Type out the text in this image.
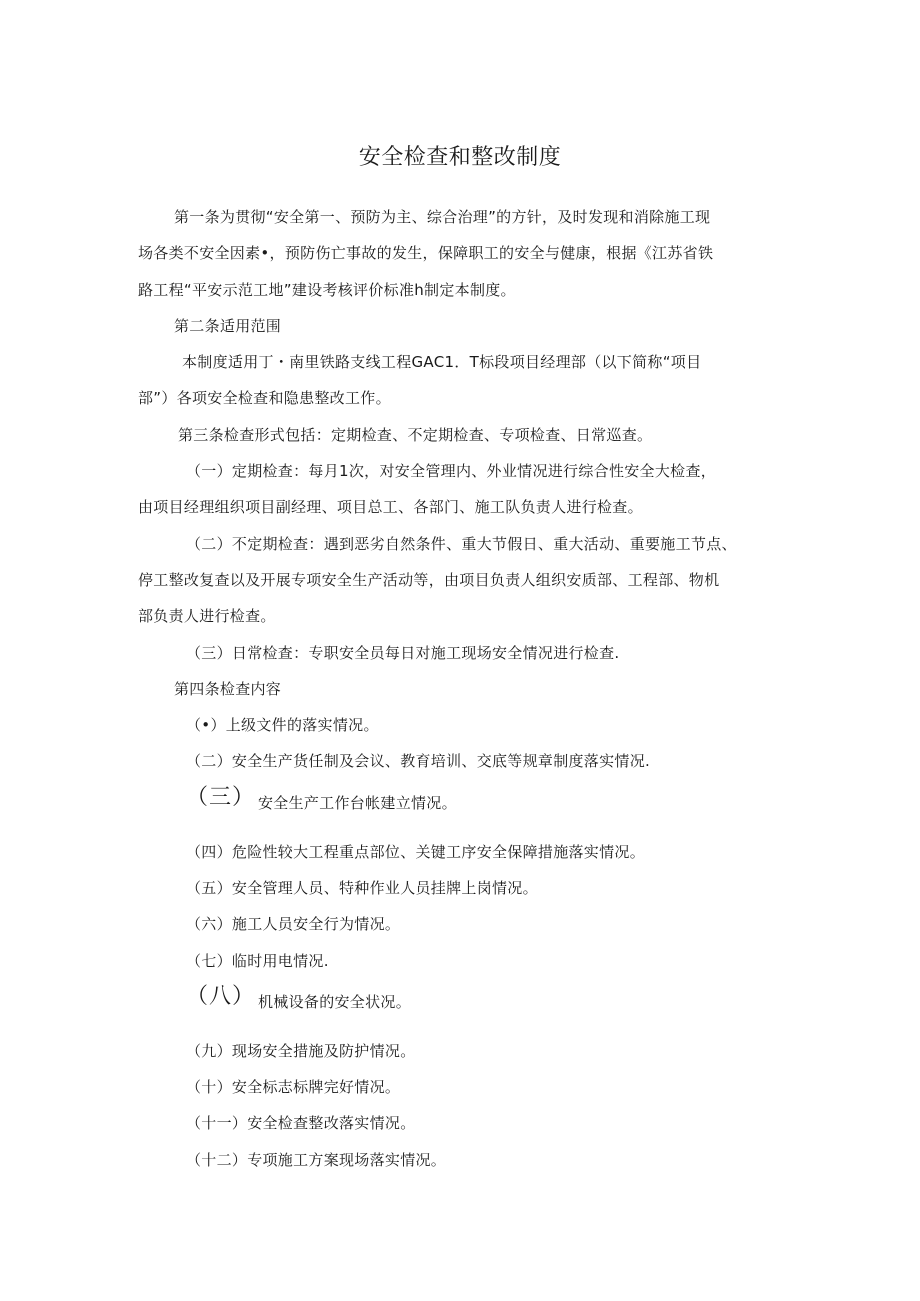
安全检查和整改制度
第一条为贯彻“安全第一、预防为主、综合治理”的方针，及时发现和消除施工现
场各类不安全因素•，预防伤亡事故的发生，保障职工的安全与健康，根据《江苏省铁
路工程“平安示范工地”建设考核评价标准h制定本制度。
第二条适用范围
本制度适用丁・南里铁路支线工程GAC1．T标段项目经理部（以下简称“项目
部”）各项安全检查和隐患整改工作。
第三条检查形式包括：定期检查、不定期检查、专项检查、日常巡查。
（一）定期检查：每月1次，对安全管理内、外业情况进行综合性安全大检查，
由项目经理组织项目副经理、项目总工、各部门、施工队负责人进行检查。
（二）不定期检查：遇到恶劣自然条件、重大节假日、重大活动、重要施工节点、
停工整改复查以及开展专项安全生产活动等，由项目负责人组织安质部、工程部、物机
部负责人进行检查。
（三）日常检查：专职安全员每日对施工现场安全情况进行检查.
第四条检查内容
（•）上级文件的落实情况。
（二）安全生产货任制及会议、教育培训、交底等规章制度落实情况.
（三） 安全生产工作台帐建立情况。
（四）危险性较大工程重点部位、关键工序安全保障措施落实情况。
（五）安全管理人员、特种作业人员挂牌上岗情况。
（六）施工人员安全行为情况。
（七）临时用电情况.
（八） 机械设备的安全状况。
（九）现场安全措施及防护情况。
（十）安全标志标牌完好情况。
（十一）安全检查整改落实情况。
（十二）专项施工方案现场落实情况。
